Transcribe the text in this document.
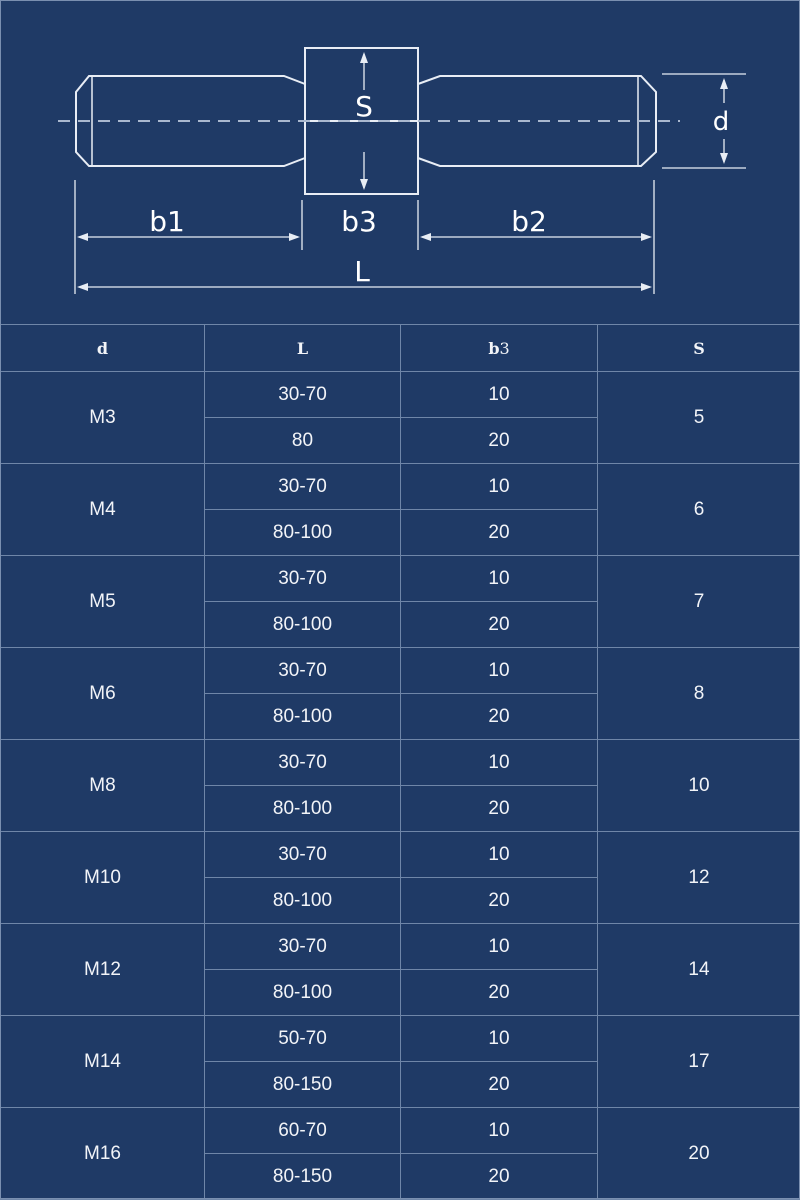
S	d
b1	b3	b2
L
d	L	b3	S
M3	30-70	10	5
	80	20	
M4	30-70	10	6
	80-100	20	
M5	30-70	10	7
	80-100	20	
M6	30-70	10	8
	80-100	20	
M8	30-70	10	10
	80-100	20	
M10	30-70	10	12
	80-100	20	
M12	30-70	10	14
	80-100	20	
M14	50-70	10	17
	80-150	20	
M16	60-70	10	20
	80-150	20	
